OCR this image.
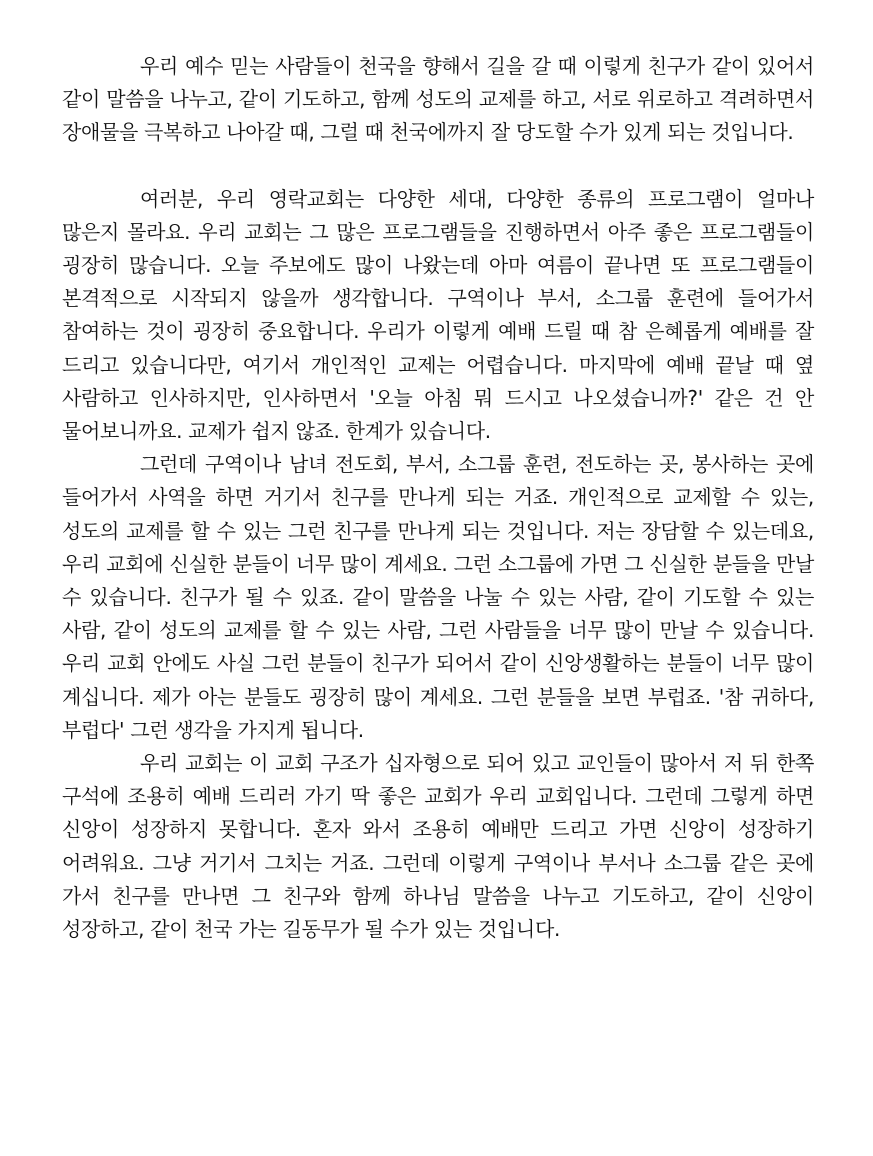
우리 예수 믿는 사람들이 천국을 향해서 길을 갈 때 이렇게 친구가 같이 있어서 같이 말씀을 나누고, 같이 기도하고, 함께 성도의 교제를 하고, 서로 위로하고 격려하면서 장애물을 극복하고 나아갈 때, 그럴 때 천국에까지 잘 당도할 수가 있게 되는 것입니다.

여러분, 우리 영락교회는 다양한 세대, 다양한 종류의 프로그램이 얼마나 많은지 몰라요. 우리 교회는 그 많은 프로그램들을 진행하면서 아주 좋은 프로그램들이 굉장히 많습니다. 오늘 주보에도 많이 나왔는데 아마 여름이 끝나면 또 프로그램들이 본격적으로 시작되지 않을까 생각합니다. 구역이나 부서, 소그룹 훈련에 들어가서 참여하는 것이 굉장히 중요합니다. 우리가 이렇게 예배 드릴 때 참 은혜롭게 예배를 잘 드리고 있습니다만, 여기서 개인적인 교제는 어렵습니다. 마지막에 예배 끝날 때 옆 사람하고 인사하지만, 인사하면서 '오늘 아침 뭐 드시고 나오셨습니까?' 같은 건 안 물어보니까요. 교제가 쉽지 않죠. 한계가 있습니다.

그런데 구역이나 남녀 전도회, 부서, 소그룹 훈련, 전도하는 곳, 봉사하는 곳에 들어가서 사역을 하면 거기서 친구를 만나게 되는 거죠. 개인적으로 교제할 수 있는, 성도의 교제를 할 수 있는 그런 친구를 만나게 되는 것입니다. 저는 장담할 수 있는데요, 우리 교회에 신실한 분들이 너무 많이 계세요. 그런 소그룹에 가면 그 신실한 분들을 만날 수 있습니다. 친구가 될 수 있죠. 같이 말씀을 나눌 수 있는 사람, 같이 기도할 수 있는 사람, 같이 성도의 교제를 할 수 있는 사람, 그런 사람들을 너무 많이 만날 수 있습니다. 우리 교회 안에도 사실 그런 분들이 친구가 되어서 같이 신앙생활하는 분들이 너무 많이 계십니다. 제가 아는 분들도 굉장히 많이 계세요. 그런 분들을 보면 부럽죠. '참 귀하다, 부럽다' 그런 생각을 가지게 됩니다.

우리 교회는 이 교회 구조가 십자형으로 되어 있고 교인들이 많아서 저 뒤 한쪽 구석에 조용히 예배 드리러 가기 딱 좋은 교회가 우리 교회입니다. 그런데 그렇게 하면 신앙이 성장하지 못합니다. 혼자 와서 조용히 예배만 드리고 가면 신앙이 성장하기 어려워요. 그냥 거기서 그치는 거죠. 그런데 이렇게 구역이나 부서나 소그룹 같은 곳에 가서 친구를 만나면 그 친구와 함께 하나님 말씀을 나누고 기도하고, 같이 신앙이 성장하고, 같이 천국 가는 길동무가 될 수가 있는 것입니다.
